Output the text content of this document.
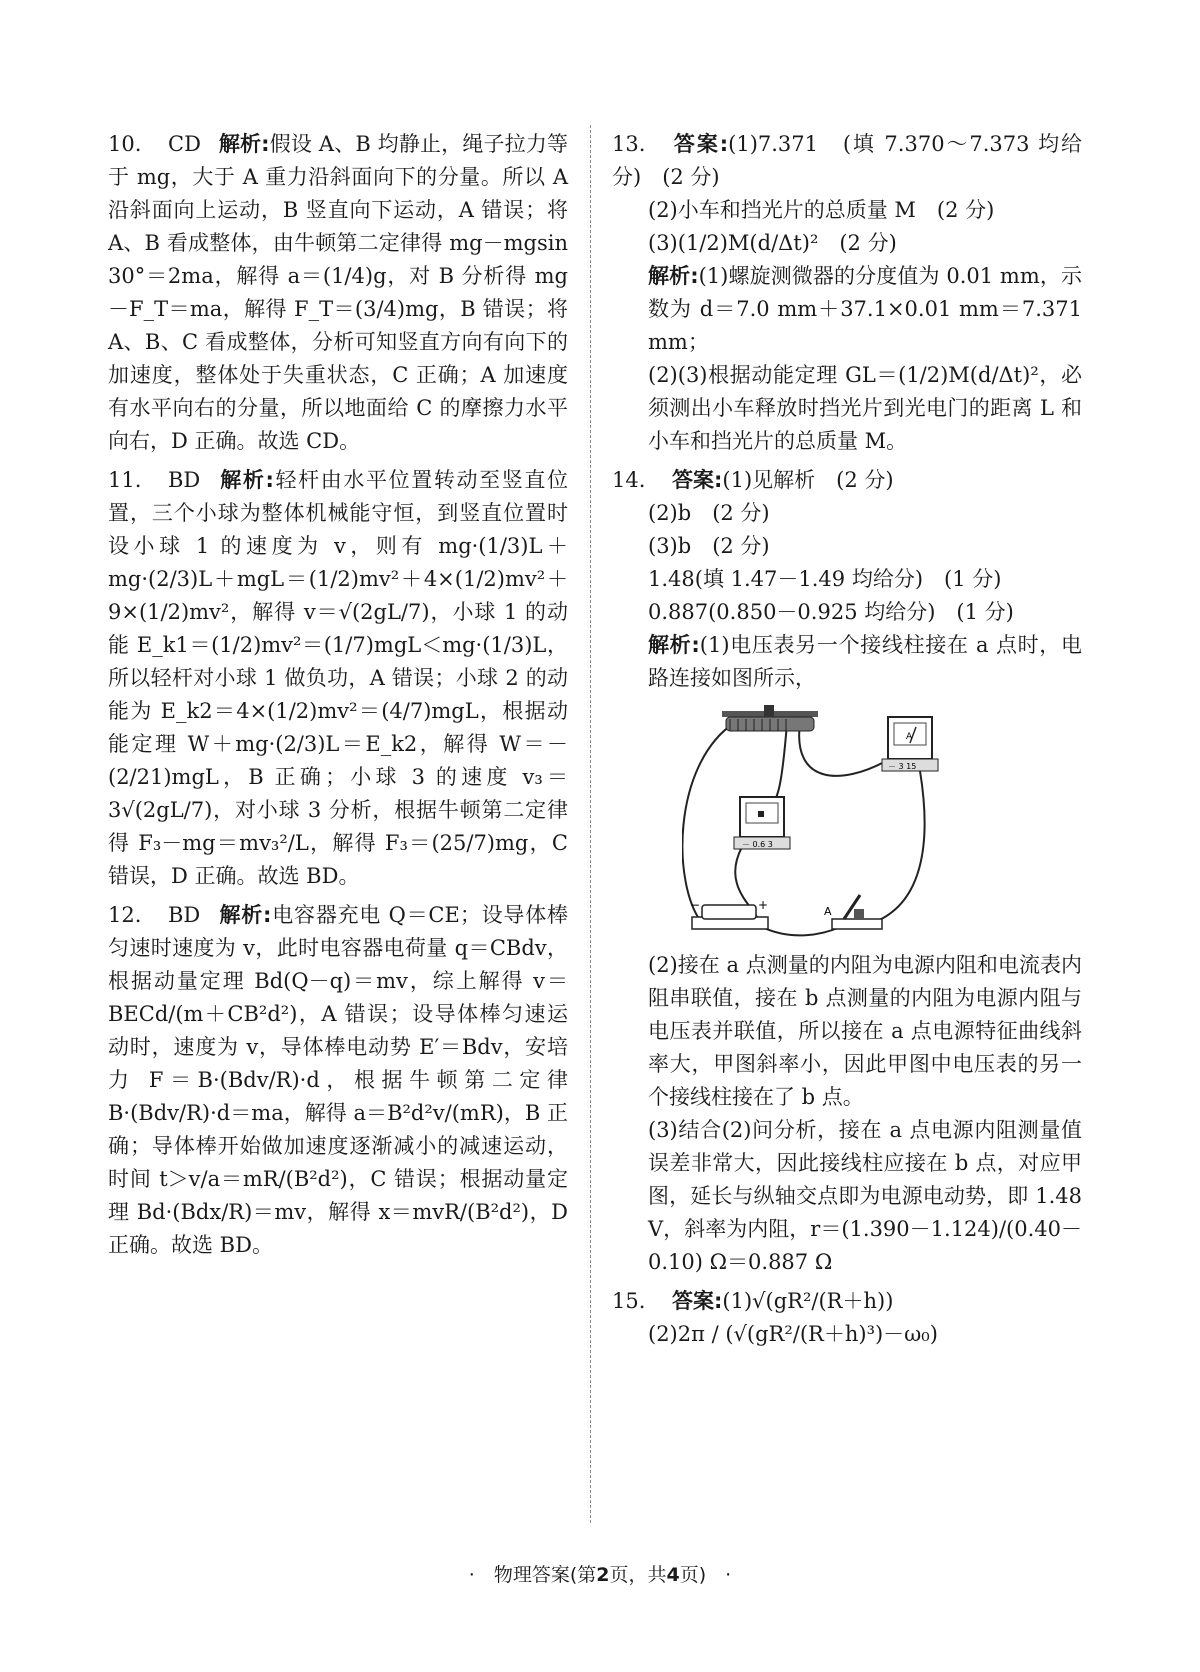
10. CD 解析:假设 A、B 均静止，绳子拉力等于 mg，大于 A 重力沿斜面向下的分量。所以 A 沿斜面向上运动，B 竖直向下运动，A 错误；将 A、B 看成整体，由牛顿第二定律得 mg－mgsin 30°＝2ma，解得 a＝(1/4)g，对 B 分析得 mg－F_T＝ma，解得 F_T＝(3/4)mg，B 错误；将 A、B、C 看成整体，分析可知竖直方向有向下的加速度，整体处于失重状态，C 正确；A 加速度有水平向右的分量，所以地面给 C 的摩擦力水平向右，D 正确。故选 CD。
11. BD 解析:轻杆由水平位置转动至竖直位置，三个小球为整体机械能守恒，到竖直位置时设小球 1 的速度为 v，则有 mg·(1/3)L＋mg·(2/3)L＋mgL＝(1/2)mv²＋4×(1/2)mv²＋9×(1/2)mv²，解得 v＝√(2gL/7)，小球 1 的动能 E_k1＝(1/2)mv²＝(1/7)mgL＜mg·(1/3)L，所以轻杆对小球 1 做负功，A 错误；小球 2 的动能为 E_k2＝4×(1/2)mv²＝(4/7)mgL，根据动能定理 W＋mg·(2/3)L＝E_k2，解得 W＝－(2/21)mgL，B 正确；小球 3 的速度 v₃＝3√(2gL/7)，对小球 3 分析，根据牛顿第二定律得 F₃－mg＝mv₃²/L，解得 F₃＝(25/7)mg，C 错误，D 正确。故选 BD。
12. BD 解析:电容器充电 Q＝CE；设导体棒匀速时速度为 v，此时电容器电荷量 q＝CBdv，根据动量定理 Bd(Q－q)＝mv，综上解得 v＝BECd/(m＋CB²d²)，A 错误；设导体棒匀速运动时，速度为 v，导体棒电动势 E′＝Bdv，安培力 F＝B·(Bdv/R)·d，根据牛顿第二定律 B·(Bdv/R)·d＝ma，解得 a＝B²d²v/(mR)，B 正确；导体棒开始做加速度逐渐减小的减速运动，时间 t＞v/a＝mR/(B²d²)，C 错误；根据动量定理 Bd·(Bdx/R)＝mv，解得 x＝mvR/(B²d²)，D 正确。故选 BD。
13. 答案:(1)7.371　(填 7.370～7.373 均给分)　(2 分)
(2)小车和挡光片的总质量 M　(2 分)
(3)(1/2)M(d/Δt)²　(2 分)
解析:(1)螺旋测微器的分度值为 0.01 mm，示数为 d＝7.0 mm＋37.1×0.01 mm＝7.371 mm；
(2)(3)根据动能定理 GL＝(1/2)M(d/Δt)²，必须测出小车释放时挡光片到光电门的距离 L 和小车和挡光片的总质量 M。
14. 答案:(1)见解析　(2 分)
(2)b　(2 分)
(3)b　(2 分)
1.48(填 1.47－1.49 均给分)　(1 分)
0.887(0.850－0.925 均给分)　(1 分)
解析:(1)电压表另一个接线柱接在 a 点时，电路连接如图所示，
A
－ 3 15
－ 0.6 3
−	+	A
(2)接在 a 点测量的内阻为电源内阻和电流表内阻串联值，接在 b 点测量的内阻为电源内阻与电压表并联值，所以接在 a 点电源特征曲线斜率大，甲图斜率小，因此甲图中电压表的另一个接线柱接在了 b 点。
(3)结合(2)问分析，接在 a 点电源内阻测量值误差非常大，因此接线柱应接在 b 点，对应甲图，延长与纵轴交点即为电源电动势，即 1.48 V，斜率为内阻，r＝(1.390－1.124)/(0.40－0.10) Ω＝0.887 Ω
15. 答案:(1)√(gR²/(R＋h))
(2)2π / (√(gR²/(R＋h)³)－ω₀)
·　物理答案(第2页，共4页)　·
